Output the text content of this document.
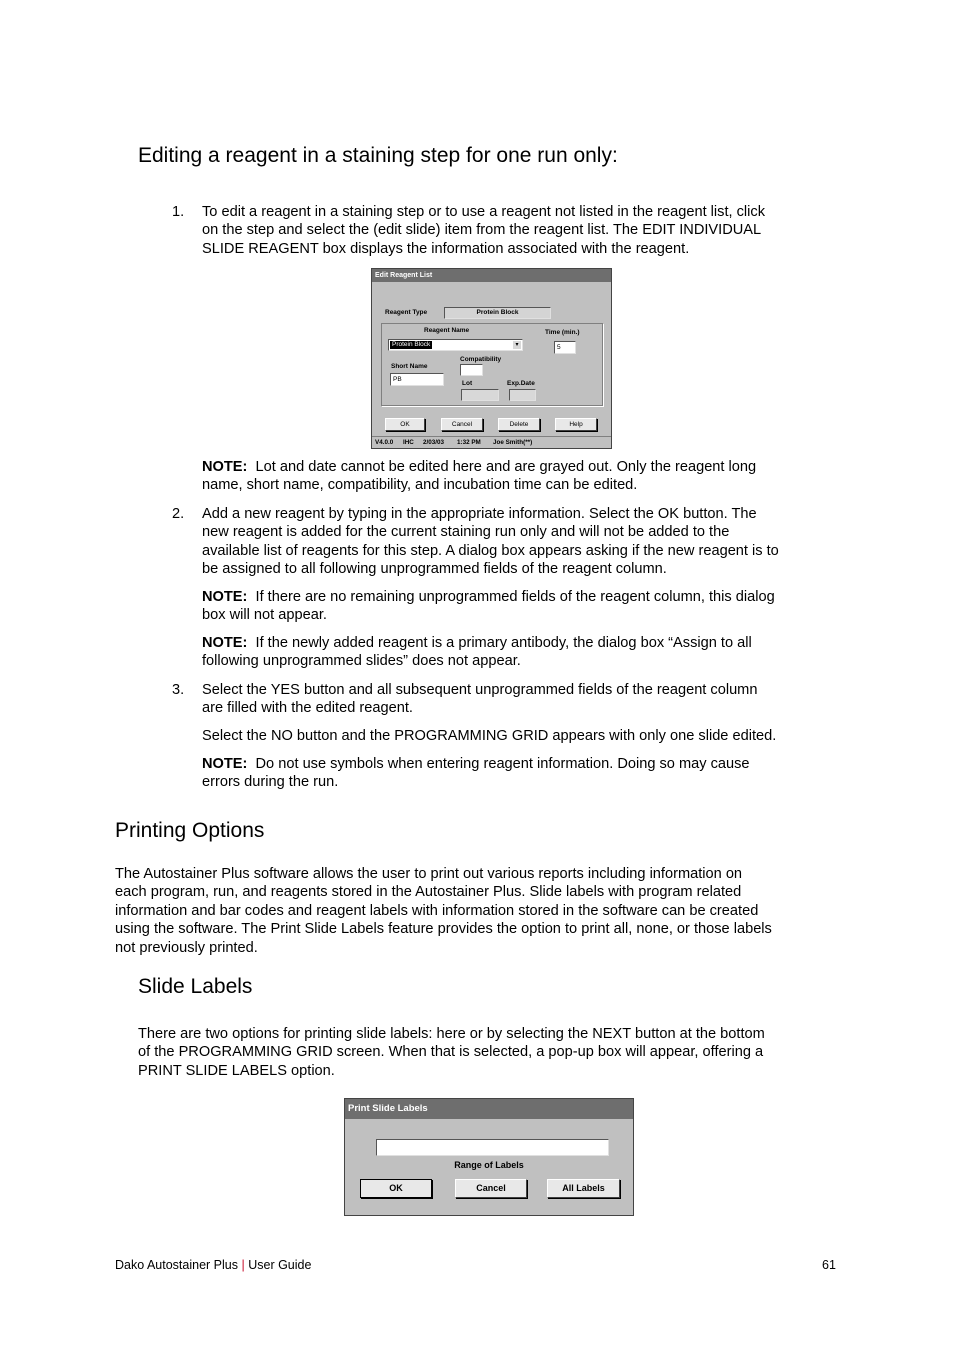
Editing a reagent in a staining step for one run only:
1. To edit a reagent in a staining step or to use a reagent not listed in the reagent list, click
on the step and select the (edit slide) item from the reagent list. The EDIT INDIVIDUAL
SLIDE REAGENT box displays the information associated with the reagent.
Edit Reagent List
Reagent Type	Protein Block
Reagent Name	Time (min.)
Protein Block	▾	5
Compatibility
Short Name
PB
Lot	Exp.Date
OK	Cancel	Delete	Help
V4.0.0 IHC 2/03/03 1:32 PM Joe Smith(**)
NOTE: Lot and date cannot be edited here and are grayed out. Only the reagent long
name, short name, compatibility, and incubation time can be edited.
2. Add a new reagent by typing in the appropriate information. Select the OK button. The
new reagent is added for the current staining run only and will not be added to the
available list of reagents for this step. A dialog box appears asking if the new reagent is to
be assigned to all following unprogrammed fields of the reagent column.
NOTE: If there are no remaining unprogrammed fields of the reagent column, this dialog
box will not appear.
NOTE: If the newly added reagent is a primary antibody, the dialog box “Assign to all
following unprogrammed slides” does not appear.
3. Select the YES button and all subsequent unprogrammed fields of the reagent column
are filled with the edited reagent.
Select the NO button and the PROGRAMMING GRID appears with only one slide edited.
NOTE: Do not use symbols when entering reagent information. Doing so may cause
errors during the run.
Printing Options
The Autostainer Plus software allows the user to print out various reports including information on
each program, run, and reagents stored in the Autostainer Plus. Slide labels with program related
information and bar codes and reagent labels with information stored in the software can be created
using the software. The Print Slide Labels feature provides the option to print all, none, or those labels
not previously printed.
Slide Labels
There are two options for printing slide labels: here or by selecting the NEXT button at the bottom
of the PROGRAMMING GRID screen. When that is selected, a pop-up box will appear, offering a
PRINT SLIDE LABELS option.
Print Slide Labels
Range of Labels
OK	Cancel	All Labels
Dako Autostainer Plus | User Guide	61
